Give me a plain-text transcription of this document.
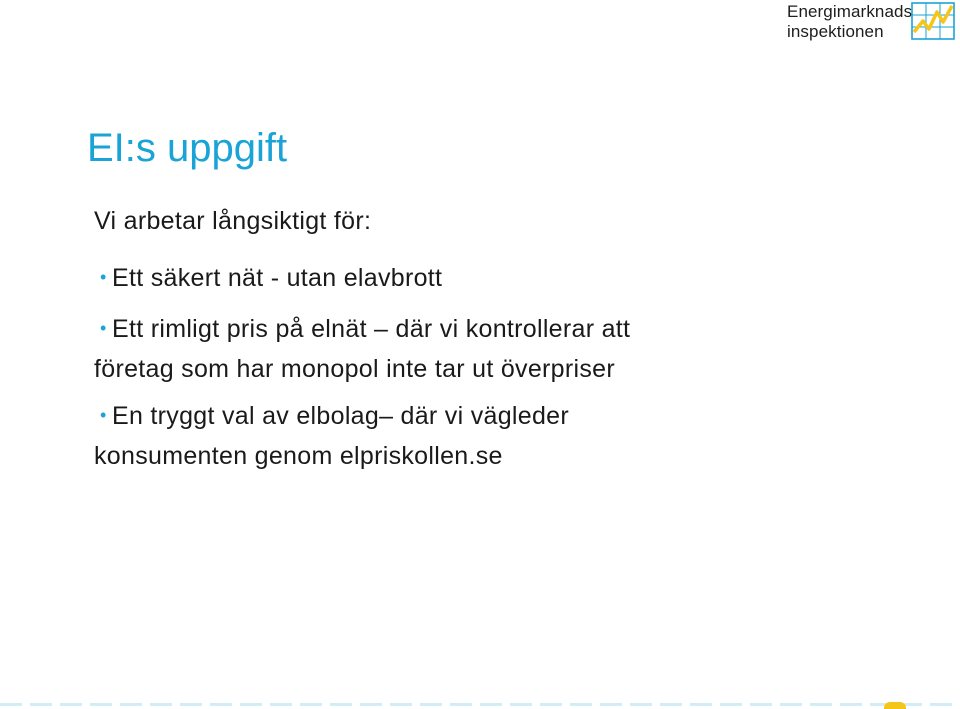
Energimarknads
inspektionen
EI:s uppgift

Vi arbetar långsiktigt för:

• Ett säkert nät - utan elavbrott

• Ett rimligt pris på elnät – där vi kontrollerar att
företag som har monopol inte tar ut överpriser

• En tryggt val av elbolag– där vi vägleder
konsumenten genom elpriskollen.se
